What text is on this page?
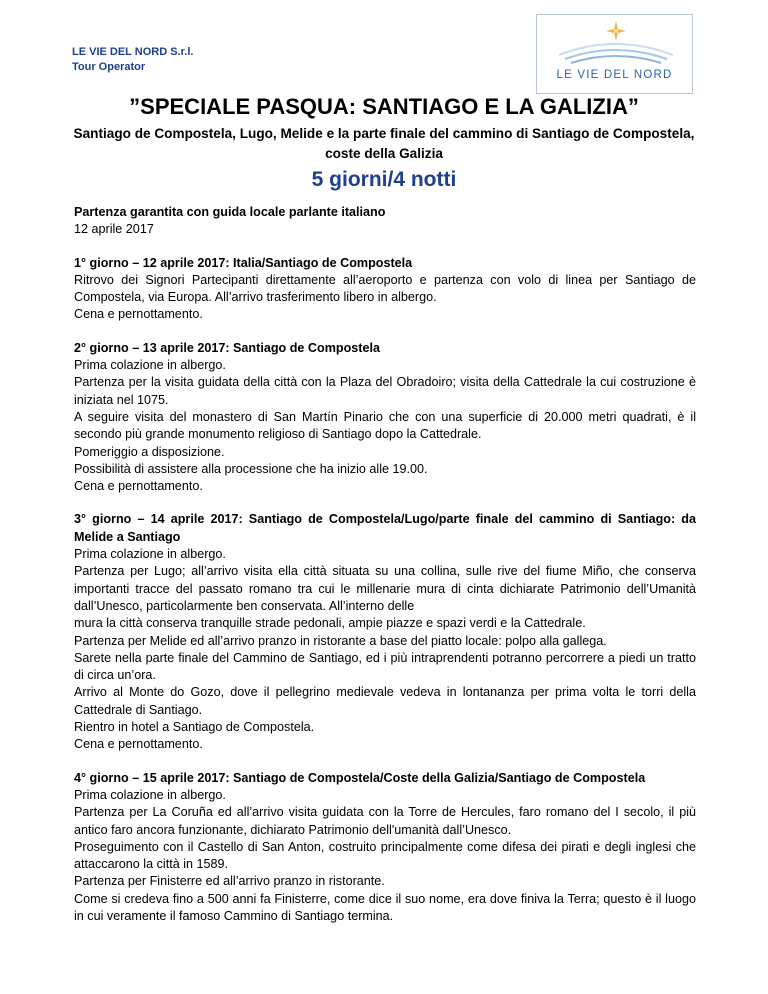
LE VIE DEL NORD S.r.l.
Tour Operator
LE VIE DEL NORD
”SPECIALE PASQUA: SANTIAGO E LA GALIZIA”
Santiago de Compostela, Lugo, Melide e la parte finale del cammino di Santiago de Compostela, coste della Galizia
5 giorni/4 notti

Partenza garantita con guida locale parlante italiano

12 aprile 2017

1° giorno – 12 aprile 2017: Italia/Santiago de Compostela

Ritrovo dei Signori Partecipanti direttamente all’aeroporto e partenza con volo di linea per Santiago de Compostela, via Europa. All’arrivo trasferimento libero in albergo.

Cena e pernottamento.

2° giorno – 13 aprile 2017: Santiago de Compostela

Prima colazione in albergo.

Partenza per la visita guidata della città con la Plaza del Obradoiro; visita della Cattedrale la cui costruzione è iniziata nel 1075.

A seguire visita del monastero di San Martín Pinario che con una superficie di 20.000 metri quadrati, è il secondo più grande monumento religioso di Santiago dopo la Cattedrale.

Pomeriggio a disposizione.

Possibilità di assistere alla processione che ha inizio alle 19.00.

Cena e pernottamento.

3° giorno – 14 aprile 2017: Santiago de Compostela/Lugo/parte finale del cammino di Santiago: da Melide a Santiago

Prima colazione in albergo.

Partenza per Lugo; all’arrivo visita ella città situata su una collina, sulle rive del fiume Miño, che conserva importanti tracce del passato romano tra cui le millenarie mura di cinta dichiarate Patrimonio dell’Umanità dall’Unesco, particolarmente ben conservata. All’interno delle

mura la città conserva tranquille strade pedonali, ampie piazze e spazi verdi e la Cattedrale.

Partenza per Melide ed all’arrivo pranzo in ristorante a base del piatto locale: polpo alla gallega.

Sarete nella parte finale del Cammino de Santiago, ed i più intraprendenti potranno percorrere a piedi un tratto di circa un’ora.

Arrivo al Monte do Gozo, dove il pellegrino medievale vedeva in lontananza per prima volta le torri della Cattedrale di Santiago.

Rientro in hotel a Santiago de Compostela.

Cena e pernottamento.

4° giorno – 15 aprile 2017: Santiago de Compostela/Coste della Galizia/Santiago de Compostela

Prima colazione in albergo.

Partenza per La Coruña ed all’arrivo visita guidata con la Torre de Hercules, faro romano del I secolo, il più antico faro ancora funzionante, dichiarato Patrimonio dell'umanità dall’Unesco.

Proseguimento con il Castello di San Anton, costruito principalmente come difesa dei pirati e degli inglesi che attaccarono la città in 1589.

Partenza per Finisterre ed all’arrivo pranzo in ristorante.

Come si credeva fino a 500 anni fa Finisterre, come dice il suo nome, era dove finiva la Terra; questo è il luogo in cui veramente il famoso Cammino di Santiago termina.
